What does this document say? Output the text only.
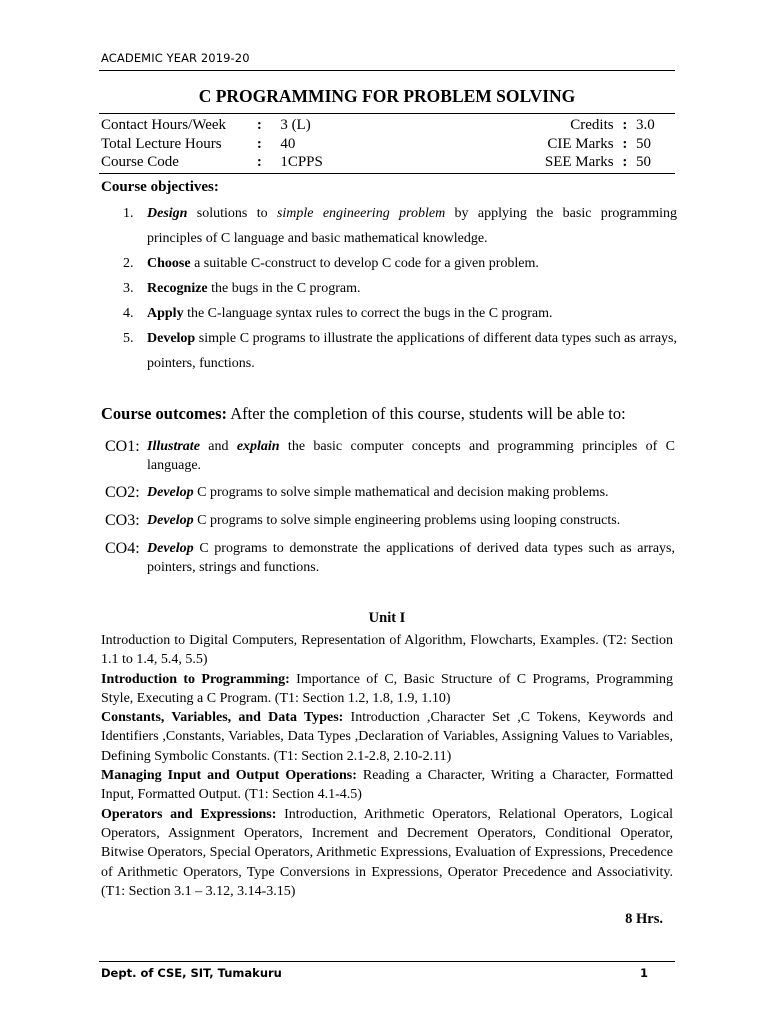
ACADEMIC YEAR 2019-20
C PROGRAMMING FOR PROBLEM SOLVING
Contact Hours/Week	:	3 (L)	Credits : 3.0
Total Lecture Hours	:	40	CIE Marks : 50
Course Code	:	1CPPS	SEE Marks : 50
Course objectives:
1. Design solutions to simple engineering problem by applying the basic programming principles of C language and basic mathematical knowledge.
2. Choose a suitable C-construct to develop C code for a given problem.
3. Recognize the bugs in the C program.
4. Apply the C-language syntax rules to correct the bugs in the C program.
5. Develop simple C programs to illustrate the applications of different data types such as arrays, pointers, functions.
Course outcomes: After the completion of this course, students will be able to:
CO1: Illustrate and explain the basic computer concepts and programming principles of C language.
CO2: Develop C programs to solve simple mathematical and decision making problems.
CO3: Develop C programs to solve simple engineering problems using looping constructs.
CO4: Develop C programs to demonstrate the applications of derived data types such as arrays, pointers, strings and functions.
Unit I

Introduction to Digital Computers, Representation of Algorithm, Flowcharts, Examples. (T2: Section 1.1 to 1.4, 5.4, 5.5)

Introduction to Programming: Importance of C, Basic Structure of C Programs, Programming Style, Executing a C Program. (T1: Section 1.2, 1.8, 1.9, 1.10)

Constants, Variables, and Data Types: Introduction ,Character Set ,C Tokens, Keywords and Identifiers ,Constants, Variables, Data Types ,Declaration of Variables, Assigning Values to Variables, Defining Symbolic Constants. (T1: Section 2.1-2.8, 2.10-2.11)

Managing Input and Output Operations: Reading a Character, Writing a Character, Formatted Input, Formatted Output. (T1: Section 4.1-4.5)

Operators and Expressions: Introduction, Arithmetic Operators, Relational Operators, Logical Operators, Assignment Operators, Increment and Decrement Operators, Conditional Operator, Bitwise Operators, Special Operators, Arithmetic Expressions, Evaluation of Expressions, Precedence of Arithmetic Operators, Type Conversions in Expressions, Operator Precedence and Associativity. (T1: Section 3.1 – 3.12, 3.14-3.15)

8 Hrs.
Dept. of CSE, SIT, Tumakuru	1
